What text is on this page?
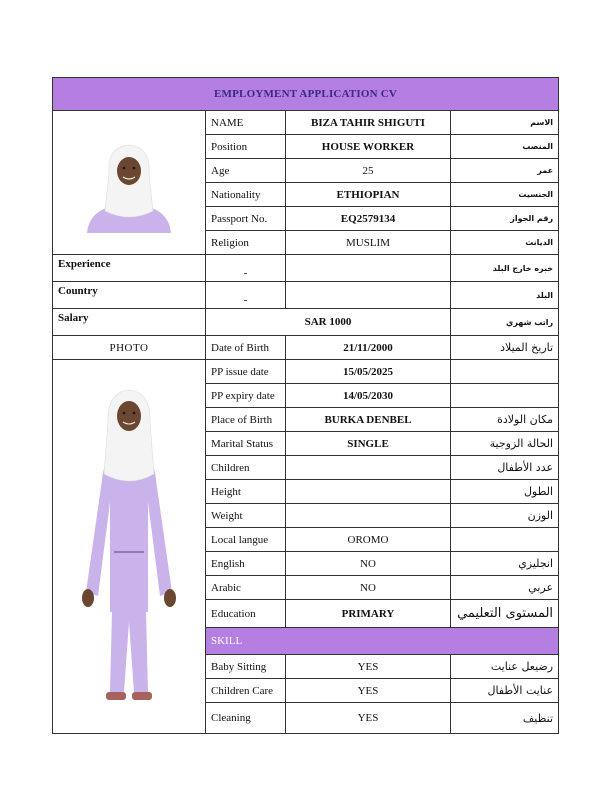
EMPLOYMENT APPLICATION CV			

	NAME	BIZA TAHIR SHIGUTI	الاسم
	Position	HOUSE WORKER	المنصب
	Age	25	عمر
	Nationality	ETHIOPIAN	الجنسيت
	Passport No.	EQ2579134	رقم الجواز
	Religion	MUSLIM	الديانت
Experience	-		خبره خارج البلد
Country	-		البلد
Salary	SAR 1000		راتب شهري
PHOTO	Date of Birth	21/11/2000	تاريخ الميلاد

	PP issue date	15/05/2025	
	PP expiry date	14/05/2030	
	Place of Birth	BURKA DENBEL	مكان الولادة
	Marital Status	SINGLE	الحالة الزوجية
	Children		عدد الأطفال
	Height		الطول
	Weight		الوزن
	Local langue	OROMO	
	English	NO	انجليزي
	Arabic	NO	عربي
	Education	PRIMARY	المستوى التعليمي
	SKILL		
	Baby Sitting	YES	رضيعل عنايت
	Children Care	YES	عنايت الأطفال
	Cleaning	YES	تنظيف
